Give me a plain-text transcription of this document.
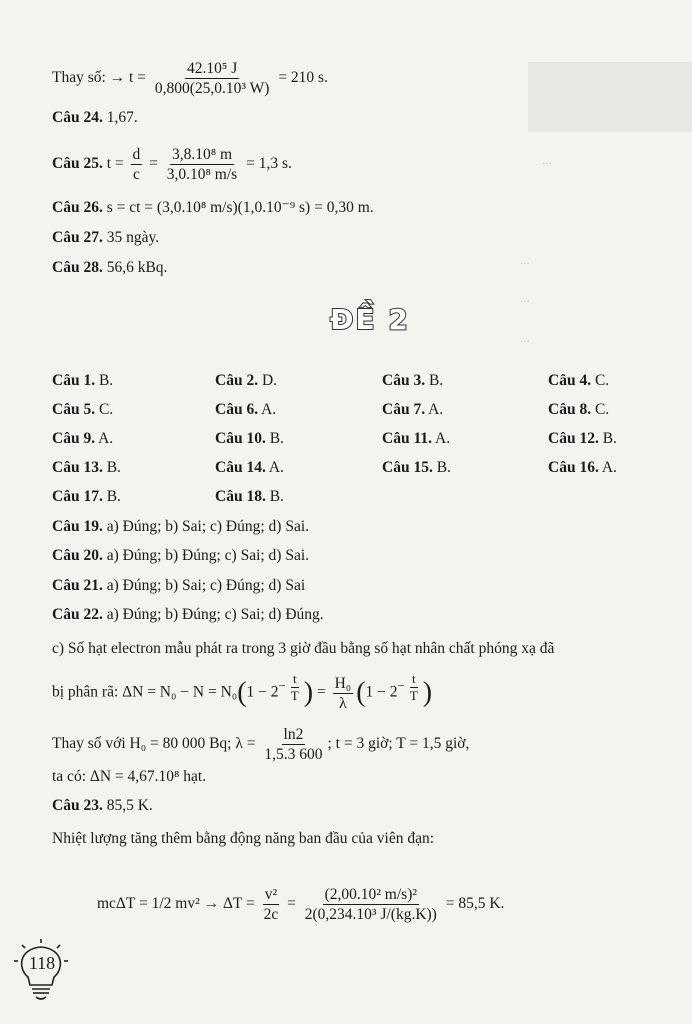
...
...
...
...
Thay số: → $t = \frac{\text{42.10⁵ J}}{\text{0,800(25,0.10³ W)}} = 210$ s.
Câu 24. 1,67.
Câu 25. $t = \frac{d}{c} = \frac{\text{3,8.10⁸ m}}{\text{3,0.10⁸ m/s}} = 1,3$ s.
Câu 26. s = ct = (3,0.10⁸ m/s)(1,0.10⁻⁹ s) = 0,30 m.
Câu 27. 35 ngày.
Câu 28. 56,6 kBq.
ĐỀ 2
Câu 1. B.	Câu 2. D.	Câu 3. B.	Câu 4. C.
Câu 5. C.	Câu 6. A.	Câu 7. A.	Câu 8. C.
Câu 9. A.	Câu 10. B.	Câu 11. A.	Câu 12. B.
Câu 13. B.	Câu 14. A.	Câu 15. B.	Câu 16. A.
Câu 17. B.	Câu 18. B.
Câu 19. a) Đúng; b) Sai; c) Đúng; d) Sai.
Câu 20. a) Đúng; b) Đúng; c) Sai; d) Sai.
Câu 21. a) Đúng; b) Sai; c) Đúng; d) Sai
Câu 22. a) Đúng; b) Đúng; c) Sai; d) Đúng.
c) Số hạt electron mẫu phát ra trong 3 giờ đầu bằng số hạt nhân chất phóng xạ đã
bị phân rã: $\Delta N = N_0 - N = N_0(1 - 2^{- \frac{t}{T}}$ ) = $\frac{\text{H₀}}{\lambda} (1 - 2^{- \frac{t}{T}}$ )
Thay số với H₀ = 80 000 Bq; $\lambda = \frac{\ln 2}{1,5.3 600}$ ; t = 3 giờ; T = 1,5 giờ,
ta có: ΔN = 4,67.10⁸ hạt.
Câu 23. 85,5 K.
Nhiệt lượng tăng thêm bằng động năng ban đầu của viên đạn:
mcΔT = 1/2 $mv^2 \to \Delta T = \frac{\text{v²}}{2c} = \frac{\text{(2,00.10² m/s)²}}{\text{2(0,234.10³ J/(kg.K))}} = 85,5$ K.
118
